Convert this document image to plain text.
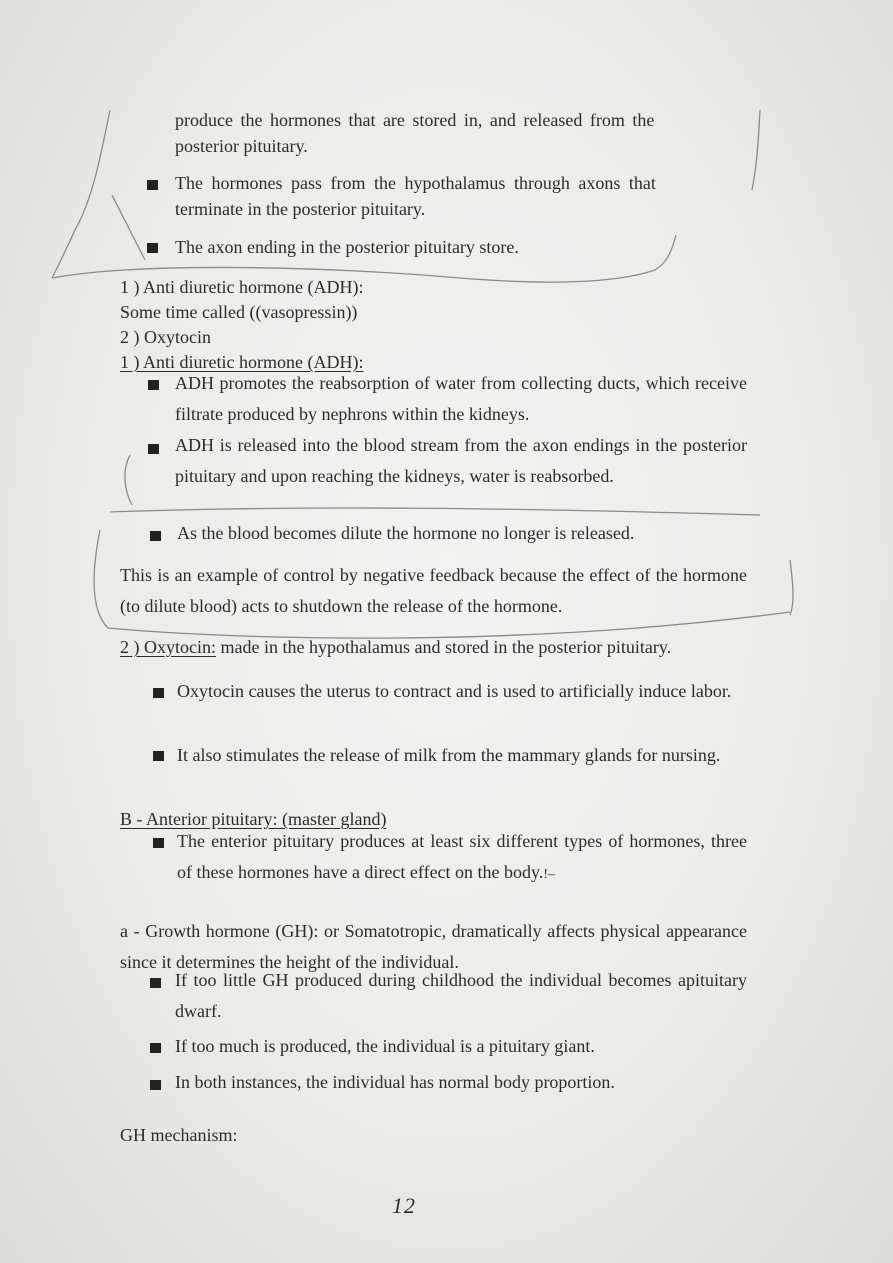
produce the hormones that are stored in, and released from the
posterior pituitary.
The hormones pass from the hypothalamus through axons that
terminate in the posterior pituitary.
The axon ending in the posterior pituitary store.
1 ) Anti diuretic hormone (ADH):
Some time called ((vasopressin))
2 ) Oxytocin
1 ) Anti diuretic hormone (ADH):
ADH promotes the reabsorption of water from collecting ducts, which receive filtrate produced by nephrons within the kidneys.
ADH is released into the blood stream from the axon endings in the posterior pituitary and upon reaching the kidneys, water is reabsorbed.
As the blood becomes dilute the hormone no longer is released.
This is an example of control by negative feedback because the effect of the hormone (to dilute blood) acts to shutdown the release of the hormone.
2 ) Oxytocin: made in the hypothalamus and stored in the posterior pituitary.
Oxytocin causes the uterus to contract and is used to artificially induce labor.
It also stimulates the release of milk from the mammary glands for nursing.
B - Anterior pituitary: (master gland)
The enterior pituitary produces at least six different types of hormones, three of these hormones have a direct effect on the body.!–
a - Growth hormone (GH): or Somatotropic, dramatically affects physical appearance since it determines the height of the individual.
If too little GH produced during childhood the individual becomes apituitary dwarf.
If too much is produced, the individual is a pituitary giant.
In both instances, the individual has normal body proportion.
GH mechanism:
12
